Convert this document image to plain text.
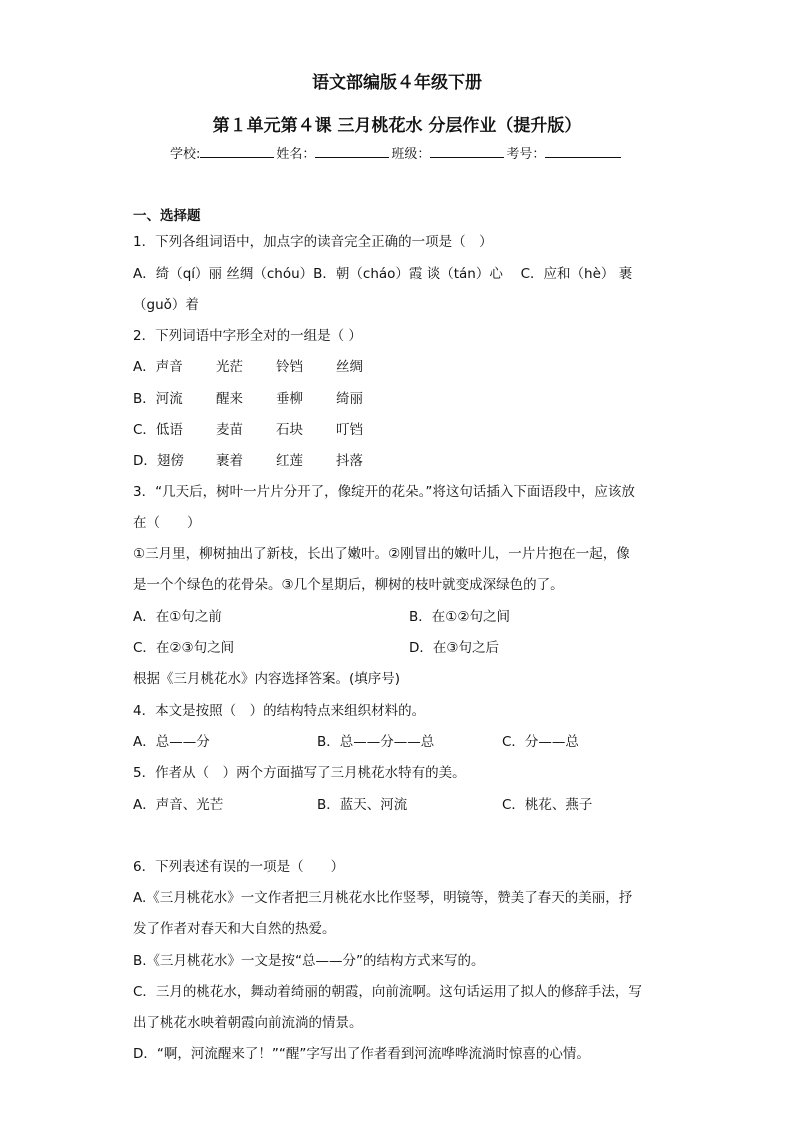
语文部编版４年级下册
第１单元第４课 三月桃花水 分层作业（提升版）
学校:	姓名：	班级：	考号：
一、选择题
1．下列各组词语中，加点字的读音完全正确的一项是（　）
A．绮（qí）丽 丝绸（chóu）B．朝（cháo）霞 谈（tán）心　 C．应和（hè） 裹
（guǒ）着
2．下列词语中字形全对的一组是（ ）
A．声音 光茫 铃铛 丝绸
B．河流 醒来 垂柳 绮丽
C．低语 麦苗 石块 叮铛
D．翅傍 裹着 红莲 抖落
3．“几天后，树叶一片片分开了，像绽开的花朵。”将这句话插入下面语段中，应该放
在（　　）
①三月里，柳树抽出了新枝，长出了嫩叶。②刚冒出的嫩叶儿，一片片抱在一起，像
是一个个绿色的花骨朵。③几个星期后，柳树的枝叶就变成深绿色的了。
A．在①句之前	B．在①②句之间
C．在②③句之间	D．在③句之后
根据《三月桃花水》内容选择答案。(填序号)
4．本文是按照（　）的结构特点来组织材料的。
A．总——分	B．总——分——总	C．分——总
5．作者从（　）两个方面描写了三月桃花水特有的美。
A．声音、光芒	B．蓝天、河流	C．桃花、燕子
6．下列表述有误的一项是（　　）
A.《三月桃花水》一文作者把三月桃花水比作竖琴，明镜等，赞美了春天的美丽，抒
发了作者对春天和大自然的热爱。
B.《三月桃花水》一文是按“总——分”的结构方式来写的。
C．三月的桃花水，舞动着绮丽的朝霞，向前流啊。这句话运用了拟人的修辞手法，写
出了桃花水映着朝霞向前流淌的情景。
D．“啊，河流醒来了！”“醒”字写出了作者看到河流哗哗流淌时惊喜的心情。
